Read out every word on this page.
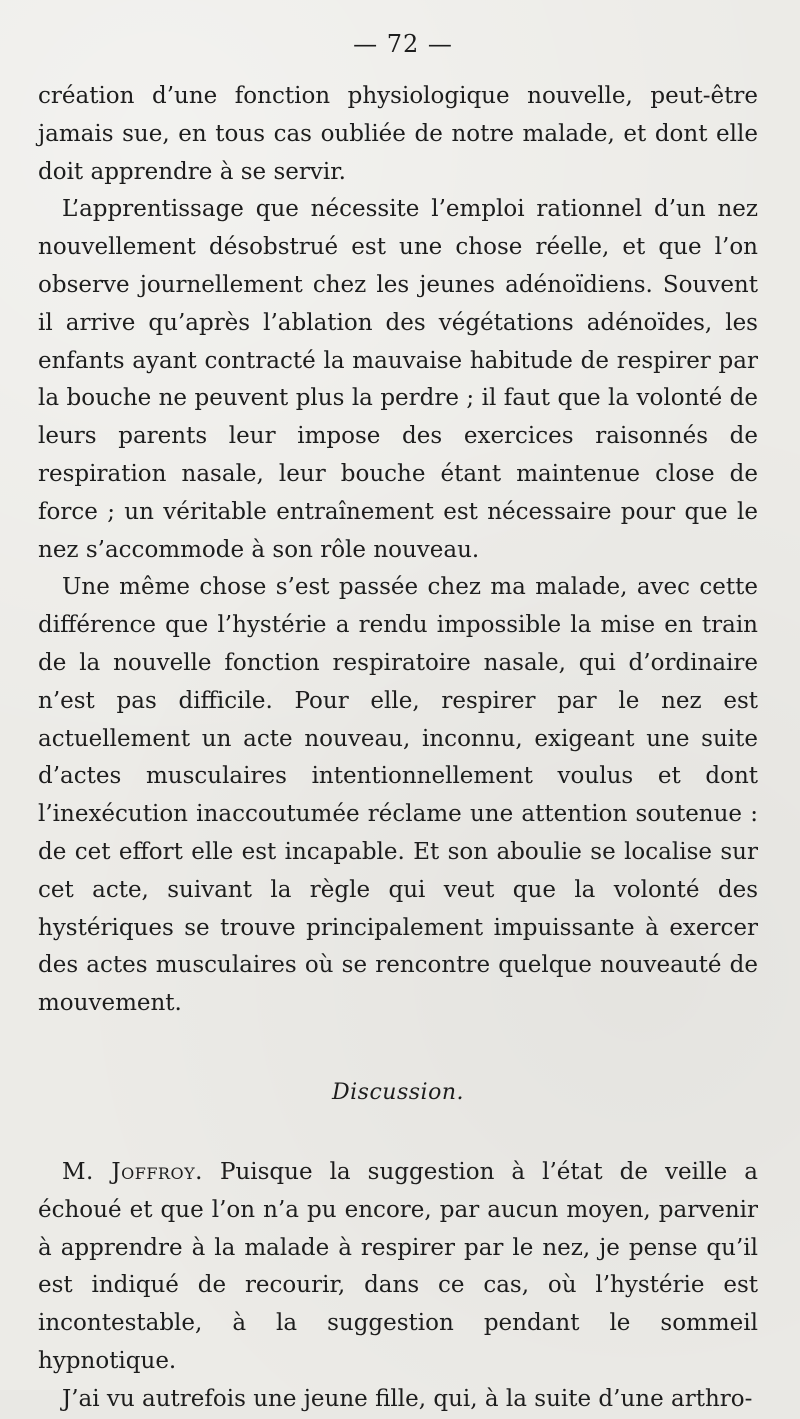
— 72 —

création d’une fonction physiologique nouvelle, peut-être jamais sue, en tous cas oubliée de notre malade, et dont elle doit apprendre à se servir.

L’apprentissage que nécessite l’emploi rationnel d’un nez nouvellement désobstrué est une chose réelle, et que l’on observe journellement chez les jeunes adénoïdiens. Souvent il arrive qu’après l’ablation des végétations adénoïdes, les enfants ayant contracté la mauvaise habitude de respirer par la bouche ne peuvent plus la perdre ; il faut que la volonté de leurs parents leur impose des exercices raisonnés de respiration nasale, leur bouche étant maintenue close de force ; un véritable entraînement est nécessaire pour que le nez s’accommode à son rôle nouveau.

Une même chose s’est passée chez ma malade, avec cette différence que l’hystérie a rendu impossible la mise en train de la nouvelle fonction respiratoire nasale, qui d’ordinaire n’est pas difficile. Pour elle, respirer par le nez est actuellement un acte nouveau, inconnu, exigeant une suite d’actes musculaires intentionnellement voulus et dont l’inexécution inaccoutumée réclame une attention soutenue : de cet effort elle est incapable. Et son aboulie se localise sur cet acte, suivant la règle qui veut que la volonté des hystériques se trouve principalement impuissante à exercer des actes musculaires où se rencontre quelque nouveauté de mouvement.

Discussion.

M. Joffroy. Puisque la suggestion à l’état de veille a échoué et que l’on n’a pu encore, par aucun moyen, parvenir à apprendre à la malade à respirer par le nez, je pense qu’il est indiqué de recourir, dans ce cas, où l’hystérie est incontestable, à la suggestion pendant le sommeil hypnotique.

J’ai vu autrefois une jeune fille, qui, à la suite d’une arthro-
